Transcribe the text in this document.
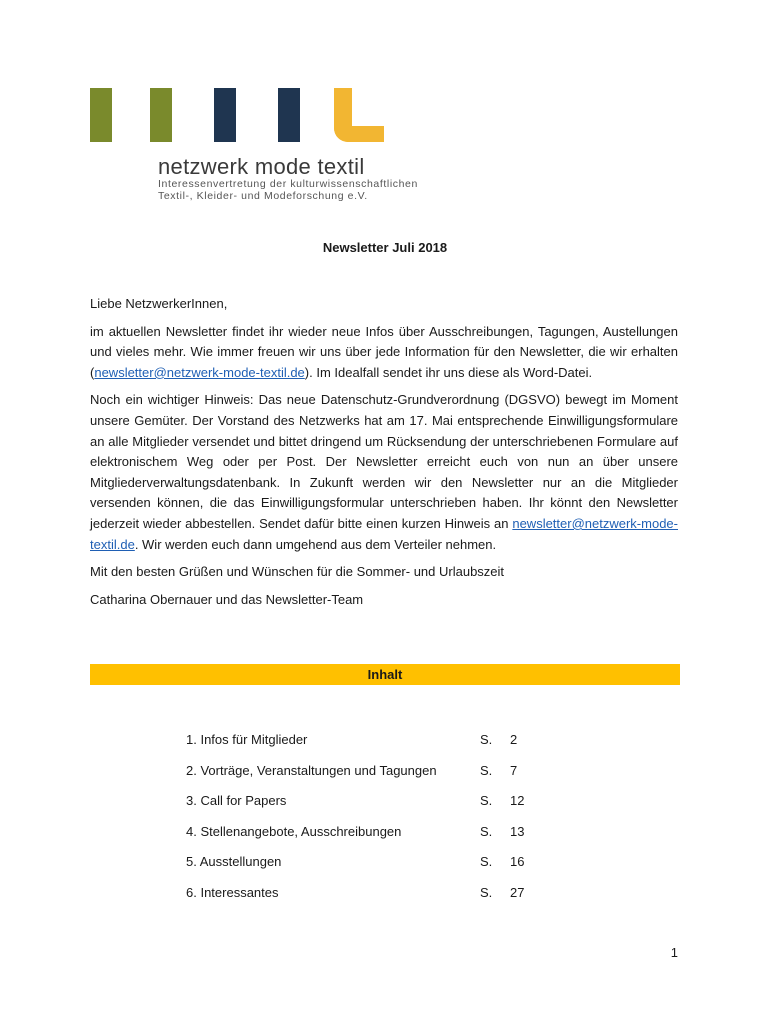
netzwerk mode textil
Interessenvertretung der kulturwissenschaftlichen
Textil-, Kleider- und Modeforschung e.V.
Newsletter Juli 2018

Liebe NetzwerkerInnen,

im aktuellen Newsletter findet ihr wieder neue Infos über Ausschreibungen, Tagungen, Austellungen und vieles mehr. Wie immer freuen wir uns über jede Information für den Newsletter, die wir erhalten (newsletter@netzwerk-mode-textil.de). Im Idealfall sendet ihr uns diese als Word-Datei.

Noch ein wichtiger Hinweis: Das neue Datenschutz-Grundverordnung (DGSVO) bewegt im Moment unsere Gemüter. Der Vorstand des Netzwerks hat am 17. Mai entsprechende Einwilligungsformulare an alle Mitglieder versendet und bittet dringend um Rücksendung der unterschriebenen Formulare auf elektronischem Weg oder per Post. Der Newsletter erreicht euch von nun an über unsere Mitgliederverwaltungsdatenbank. In Zukunft werden wir den Newsletter nur an die Mitglieder versenden können, die das Einwilligungsformular unterschrieben haben. Ihr könnt den Newsletter jederzeit wieder abbestellen. Sendet dafür bitte einen kurzen Hinweis an newsletter@netzwerk-mode-textil.de. Wir werden euch dann umgehend aus dem Verteiler nehmen.

Mit den besten Grüßen und Wünschen für die Sommer- und Urlaubszeit

Catharina Obernauer und das Newsletter-Team

Inhalt
1. Infos für Mitglieder	S. 2
2. Vorträge, Veranstaltungen und Tagungen	S. 7
3. Call for Papers	S. 12
4. Stellenangebote, Ausschreibungen	S. 13
5. Ausstellungen	S. 16
6. Interessantes	S. 27
1
